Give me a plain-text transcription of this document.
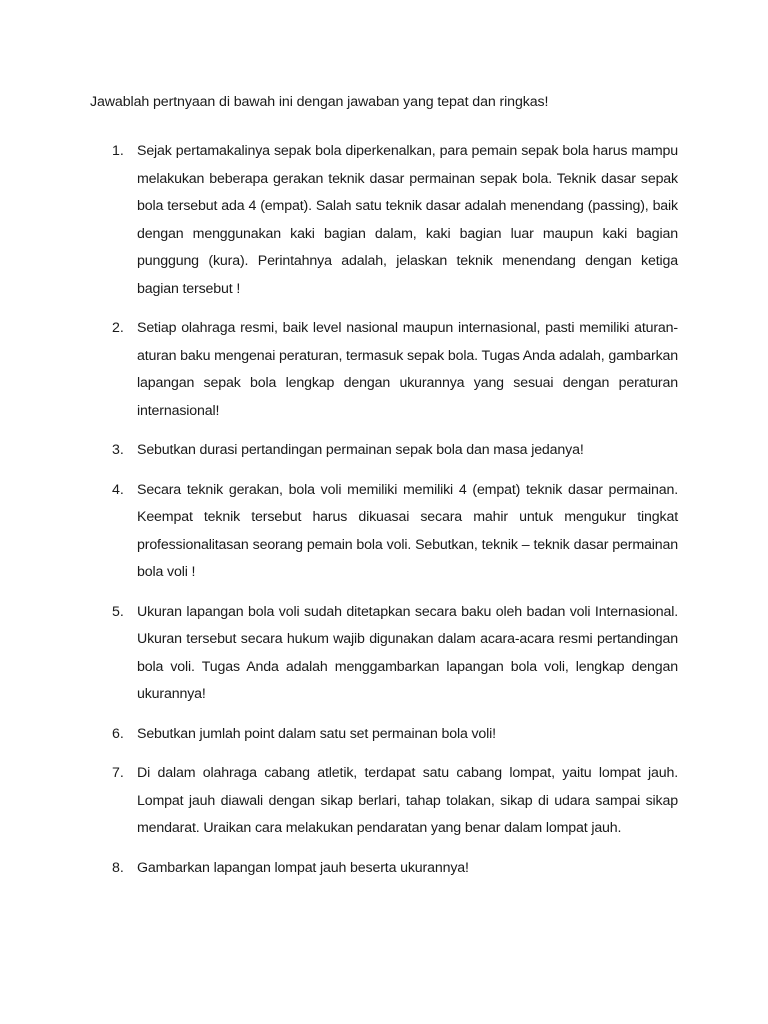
Jawablah pertnyaan di bawah ini dengan jawaban yang tepat dan ringkas!
1. Sejak pertamakalinya sepak bola diperkenalkan, para pemain sepak bola harus mampu melakukan beberapa gerakan teknik dasar permainan sepak bola. Teknik dasar sepak bola tersebut ada 4 (empat). Salah satu teknik dasar adalah menendang (passing), baik dengan menggunakan kaki bagian dalam, kaki bagian luar maupun kaki bagian punggung (kura). Perintahnya adalah, jelaskan teknik menendang dengan ketiga bagian tersebut !
2. Setiap olahraga resmi, baik level nasional maupun internasional, pasti memiliki aturan-aturan baku mengenai peraturan, termasuk sepak bola. Tugas Anda adalah, gambarkan lapangan sepak bola lengkap dengan ukurannya yang sesuai dengan peraturan internasional!
3. Sebutkan durasi pertandingan permainan sepak bola dan masa jedanya!
4. Secara teknik gerakan, bola voli memiliki memiliki 4 (empat) teknik dasar permainan. Keempat teknik tersebut harus dikuasai secara mahir untuk mengukur tingkat professionalitasan seorang pemain bola voli. Sebutkan, teknik – teknik dasar permainan bola voli !
5. Ukuran lapangan bola voli sudah ditetapkan secara baku oleh badan voli Internasional. Ukuran tersebut secara hukum wajib digunakan dalam acara-acara resmi pertandingan bola voli. Tugas Anda adalah menggambarkan lapangan bola voli, lengkap dengan ukurannya!
6. Sebutkan jumlah point dalam satu set permainan bola voli!
7. Di dalam olahraga cabang atletik, terdapat satu cabang lompat, yaitu lompat jauh. Lompat jauh diawali dengan sikap berlari, tahap tolakan, sikap di udara sampai sikap mendarat. Uraikan cara melakukan pendaratan yang benar dalam lompat jauh.
8. Gambarkan lapangan lompat jauh beserta ukurannya!
